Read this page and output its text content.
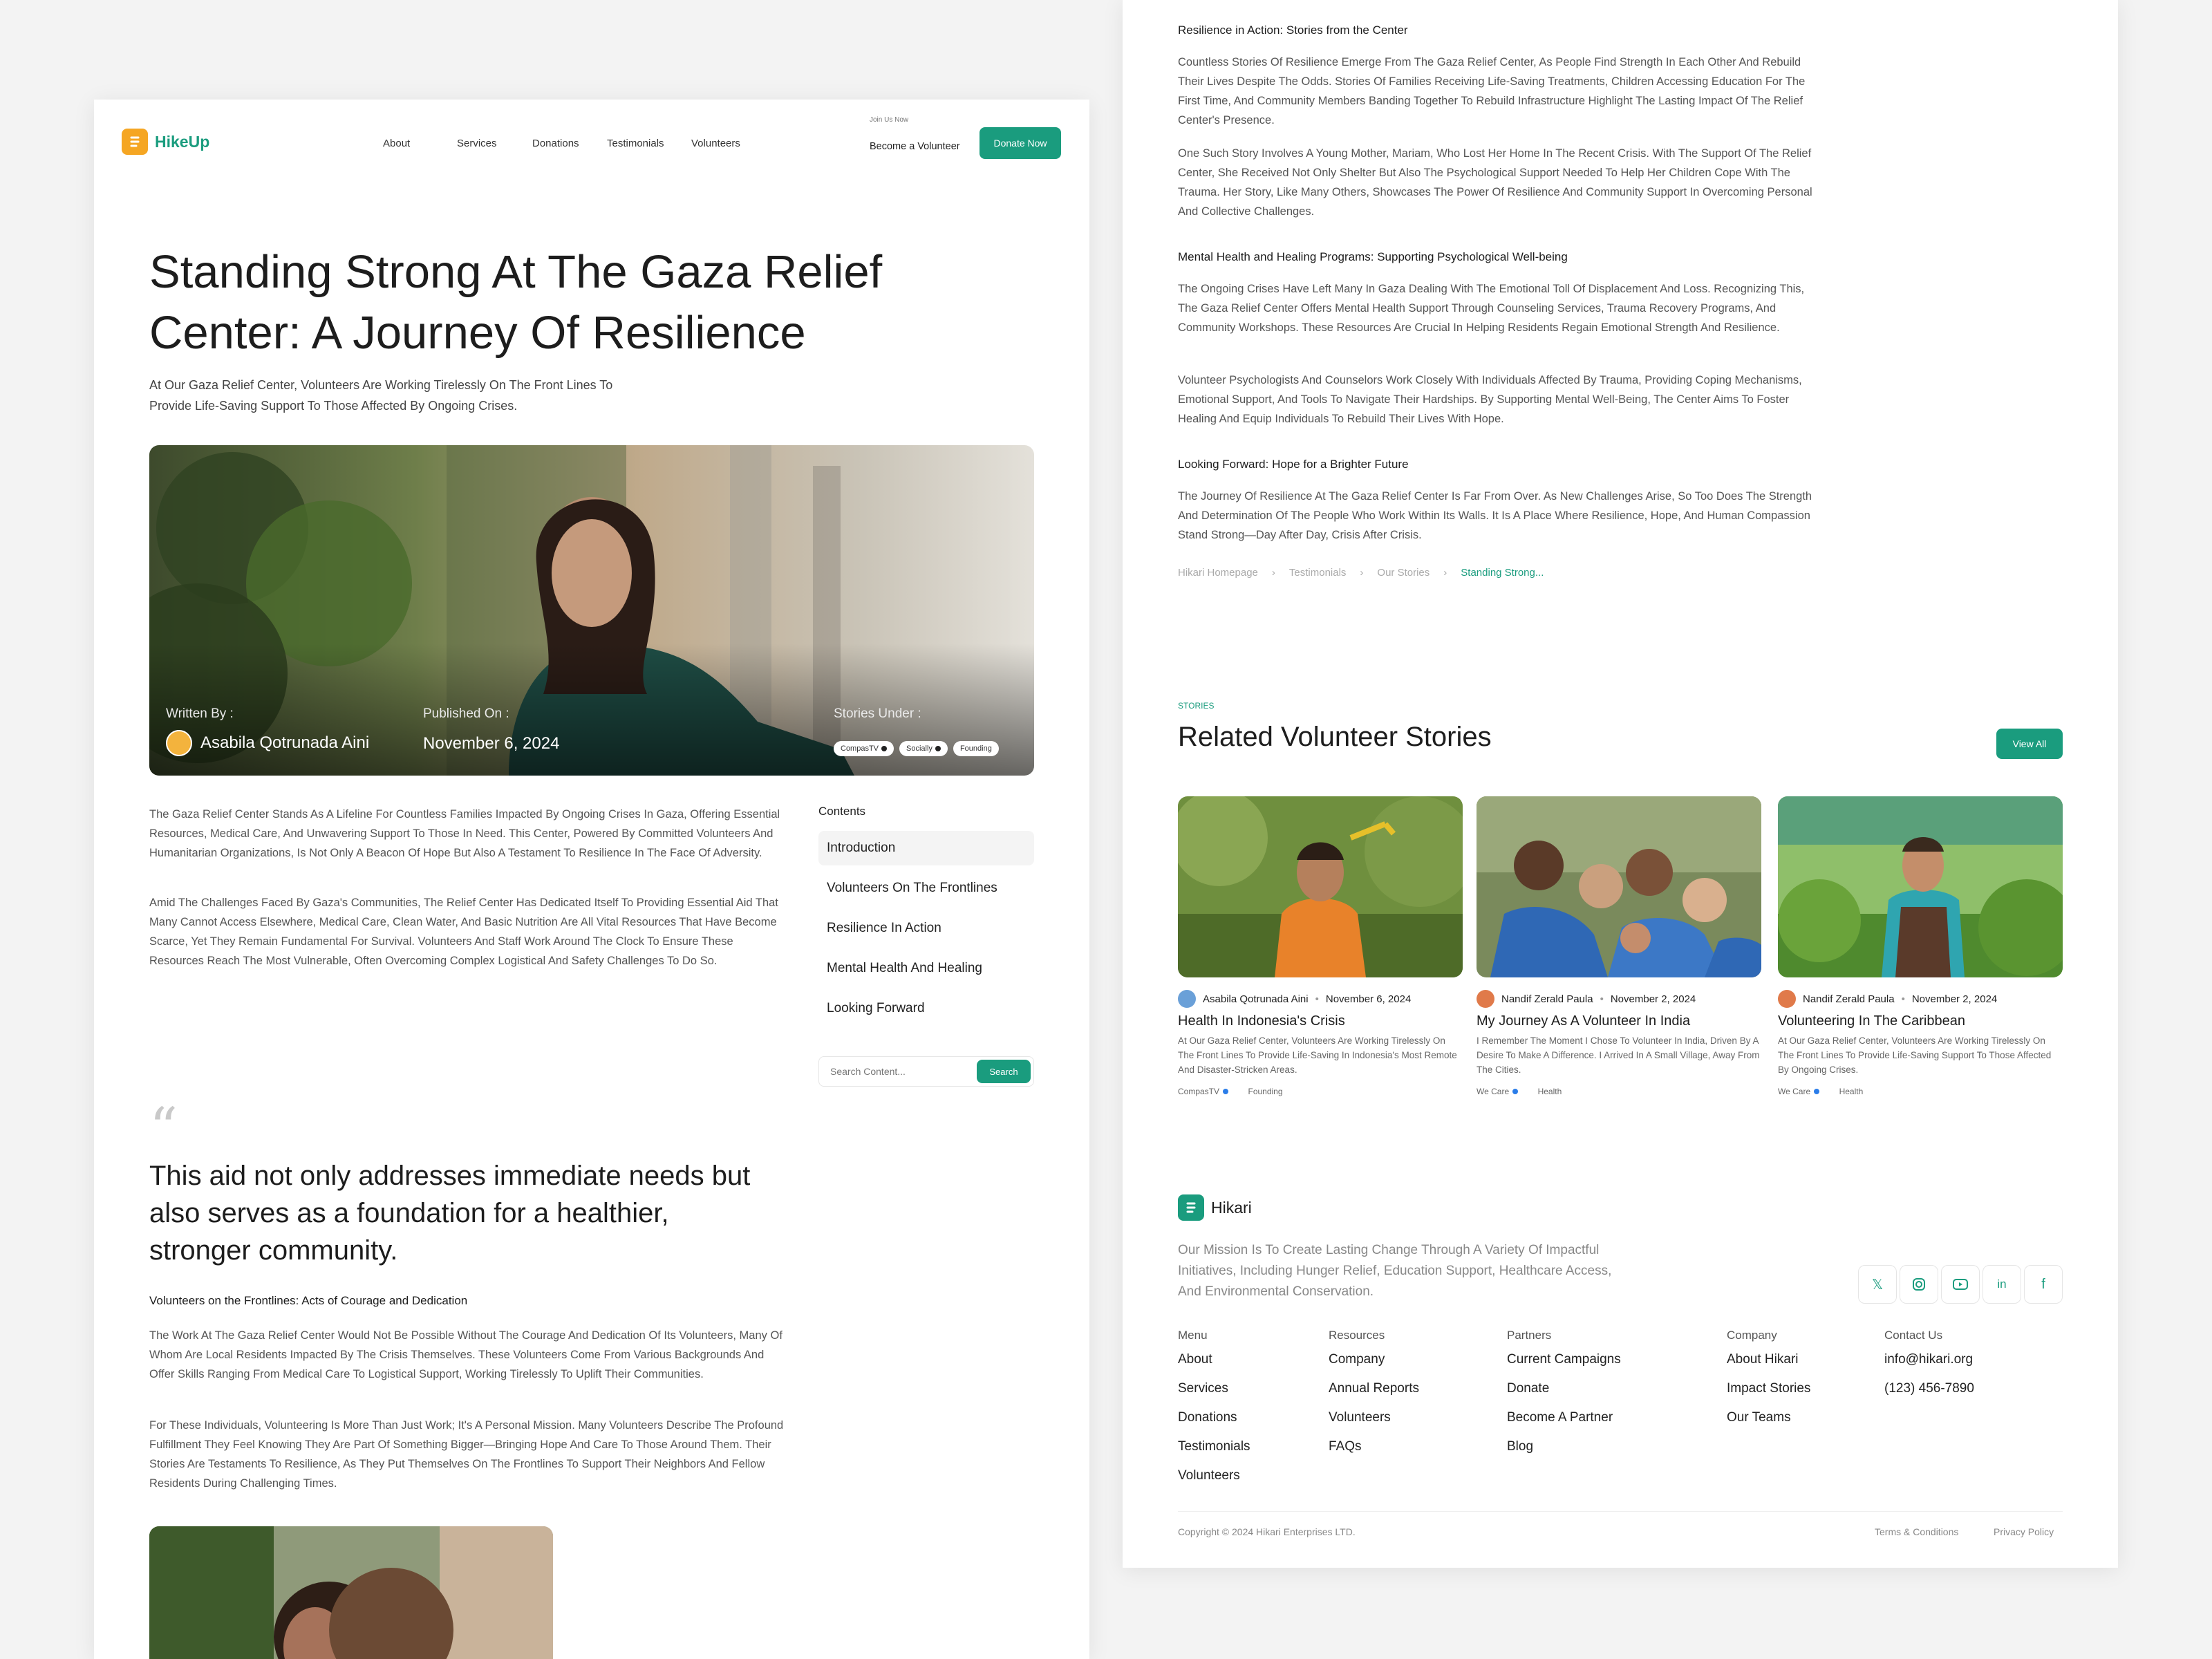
HikeUp	About	Services	Donations	Testimonials	Volunteers
Join Us Now
Become a Volunteer	Donate Now
Standing Strong At The Gaza Relief
Center: A Journey Of Resilience
At Our Gaza Relief Center, Volunteers Are Working Tirelessly On The Front Lines To
Provide Life-Saving Support To Those Affected By Ongoing Crises.
Written By :
Asabila Qotrunada Aini
Published On :
November 6, 2024
Stories Under :
CompasTV	Socially	Founding
The Gaza Relief Center Stands As A Lifeline For Countless Families Impacted By Ongoing Crises In Gaza, Offering Essential Resources, Medical Care, And Unwavering Support To Those In Need. This Center, Powered By Committed Volunteers And Humanitarian Organizations, Is Not Only A Beacon Of Hope But Also A Testament To Resilience In The Face Of Adversity.
Amid The Challenges Faced By Gaza's Communities, The Relief Center Has Dedicated Itself To Providing Essential Aid That Many Cannot Access Elsewhere, Medical Care, Clean Water, And Basic Nutrition Are All Vital Resources That Have Become Scarce, Yet They Remain Fundamental For Survival. Volunteers And Staff Work Around The Clock To Ensure These Resources Reach The Most Vulnerable, Often Overcoming Complex Logistical And Safety Challenges To Do So.
“
This aid not only addresses immediate needs but also serves as a foundation for a healthier, stronger community.
Volunteers on the Frontlines: Acts of Courage and Dedication
The Work At The Gaza Relief Center Would Not Be Possible Without The Courage And Dedication Of Its Volunteers, Many Of Whom Are Local Residents Impacted By The Crisis Themselves. These Volunteers Come From Various Backgrounds And Offer Skills Ranging From Medical Care To Logistical Support, Working Tirelessly To Uplift Their Communities.
For These Individuals, Volunteering Is More Than Just Work; It's A Personal Mission. Many Volunteers Describe The Profound Fulfillment They Feel Knowing They Are Part Of Something Bigger—Bringing Hope And Care To Those Around Them. Their Stories Are Testaments To Resilience, As They Put Themselves On The Frontlines To Support Their Neighbors And Fellow Residents During Challenging Times.
Contents
Introduction
Volunteers On The Frontlines
Resilience In Action
Mental Health And Healing
Looking Forward
Search Content...
Search
Resilience in Action: Stories from the Center
Countless Stories Of Resilience Emerge From The Gaza Relief Center, As People Find Strength In Each Other And Rebuild Their Lives Despite The Odds. Stories Of Families Receiving Life-Saving Treatments, Children Accessing Education For The First Time, And Community Members Banding Together To Rebuild Infrastructure Highlight The Lasting Impact Of The Relief Center's Presence.
One Such Story Involves A Young Mother, Mariam, Who Lost Her Home In The Recent Crisis. With The Support Of The Relief Center, She Received Not Only Shelter But Also The Psychological Support Needed To Help Her Children Cope With The Trauma. Her Story, Like Many Others, Showcases The Power Of Resilience And Community Support In Overcoming Personal And Collective Challenges.
Mental Health and Healing Programs: Supporting Psychological Well-being
The Ongoing Crises Have Left Many In Gaza Dealing With The Emotional Toll Of Displacement And Loss. Recognizing This, The Gaza Relief Center Offers Mental Health Support Through Counseling Services, Trauma Recovery Programs, And Community Workshops. These Resources Are Crucial In Helping Residents Regain Emotional Strength And Resilience.
Volunteer Psychologists And Counselors Work Closely With Individuals Affected By Trauma, Providing Coping Mechanisms, Emotional Support, And Tools To Navigate Their Hardships. By Supporting Mental Well-Being, The Center Aims To Foster Healing And Equip Individuals To Rebuild Their Lives With Hope.
Looking Forward: Hope for a Brighter Future
The Journey Of Resilience At The Gaza Relief Center Is Far From Over. As New Challenges Arise, So Too Does The Strength And Determination Of The People Who Work Within Its Walls. It Is A Place Where Resilience, Hope, And Human Compassion Stand Strong—Day After Day, Crisis After Crisis.
Hikari Homepage › Testimonials › Our Stories › Standing Strong...
STORIES
Related Volunteer Stories	View All
Asabila Qotrunada Aini • November 6, 2024
Health In Indonesia's Crisis
At Our Gaza Relief Center, Volunteers Are Working Tirelessly On The Front Lines To Provide Life-Saving In Indonesia's Most Remote And Disaster-Stricken Areas.
CompasTV	Founding
Nandif Zerald Paula • November 2, 2024
My Journey As A Volunteer In India
I Remember The Moment I Chose To Volunteer In India, Driven By A Desire To Make A Difference. I Arrived In A Small Village, Away From The Cities.
We Care	Health
Nandif Zerald Paula • November 2, 2024
Volunteering In The Caribbean
At Our Gaza Relief Center, Volunteers Are Working Tirelessly On The Front Lines To Provide Life-Saving Support To Those Affected By Ongoing Crises.
We Care	Health
Hikari
Our Mission Is To Create Lasting Change Through A Variety Of Impactful Initiatives, Including Hunger Relief, Education Support, Healthcare Access, And Environmental Conservation.	𝕏	in	f
Menu
About
Services
Donations
Testimonials
Volunteers
Resources
Company
Annual Reports
Volunteers
FAQs
Partners
Current Campaigns
Donate
Become A Partner
Blog
Company
About Hikari
Impact Stories
Our Teams
Contact Us
info@hikari.org
(123) 456-7890
Copyright © 2024 Hikari Enterprises LTD.	Terms & Conditions	Privacy Policy
